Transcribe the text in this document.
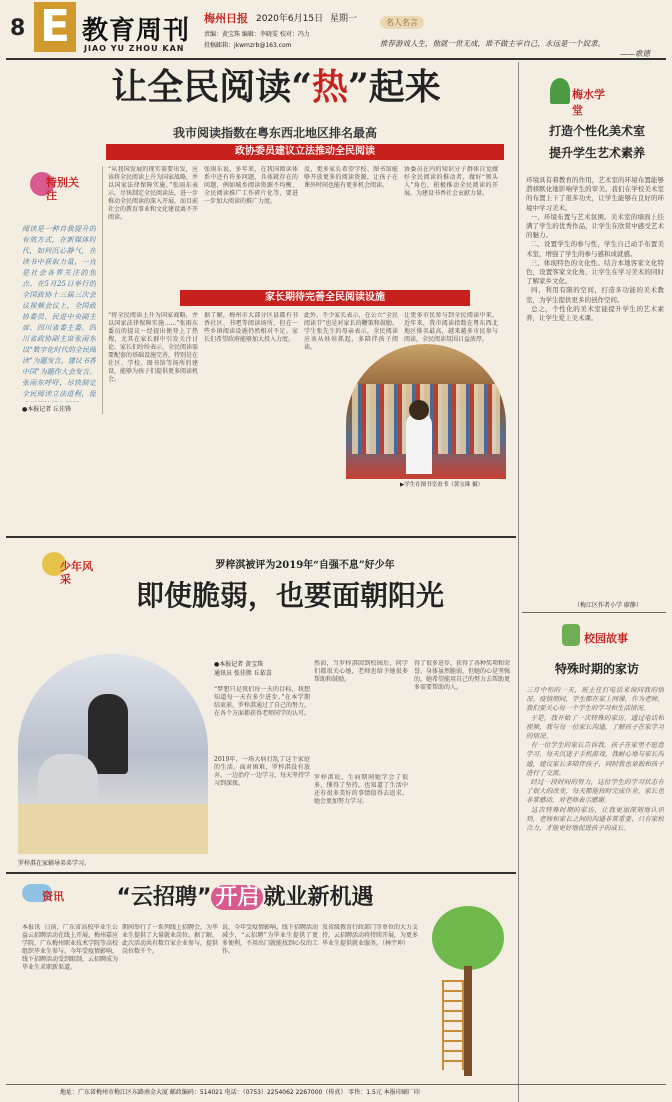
8 E 教育周刊
JIAO YU ZHOU KAN
梅州日报 2020年6月15日 星期一
责编：黄宝珠 编辑：李晓雯 校对：冯力
投稿邮箱：jkwmzrb@163.com
名人名言
推荐游戏人生，他就一世无成，谁不做主宰自己，永远是一个奴隶。
——歌德
让全民阅读“热”起来
我市阅读指数在粤东西北地区排名最高
政协委员建议立法推动全民阅读
特别关注
阅读是一种自我提升的有效方式，在新媒体时代，如何沉心静气，在读书中获取力量，一直是社会各界关注的焦点。在5月25日举行的全国政协十三届三次会议视频会议上，全国政协委员、民进中央副主席、四川省委主委、四川省政协副主席张雨东以“数字化时代的全民阅读”为题发言，建议书香中国”为题作大会发言。张雨东呼吁，尽快制定全民阅读立法进程，促
●本报记者 丘佳锋
“从我国发展的现实需要出发，应该将全民阅读上升为国家战略，并以国家法律保障实施。”张雨东表示，尽快制定全民阅读法，进一步推动全民阅读的深入开展，而目前社会的教育事业和文化建设离不开阅读。
张雨东说，多年来，在我国阅读体系中还有许多问题，具体就存在的问题，例如城乡阅读资源不均衡、全民阅读推广工作碎片化等，要进一步加大阅读的推广力度。
及，更多家长希望学校、图书馆能够开放更多的阅读资源，让孩子在课外时间也能有更多机会阅读。
协委员在内的知识分子群体自觉做好全民阅读的推动者，做好“领头人”角色，积极推动全民阅读的开展，为建设书香社会贡献力量。
家长期待完善全民阅读设施
“将全民阅读上升为国家战略，并以国家法律保障实施……”张雨东委员的提议一经提出便登上了热搜，尤其在家长群中引发关注讨论。家长们纷纷表示，全民阅读需要配套的基础设施完善，特别是在社区、学校、图书馆等场所的建设，能够为孩子们提供更多阅读机会。
据了解，梅州市大部分区县都有书香社区、书吧等阅读场所，但在一些乡镇阅读设施仍然相对不足。家长们希望政府能够加大投入力度。
此外，不少家长表示，在公立“全民阅读节”也是对家长的鞭策和鼓励。学生张先生的母亲表示，全民阅读应该从娃娃抓起，多陪伴孩子阅读。
让更多市民参与到全民阅读中来，近年来，我市阅读指数在粤东西北地区排名最高，越来越多市民参与阅读，全民阅读氛围日益浓厚。
▶学生在图书室看书（黄宝珠 摄）
梅水学堂
打造个性化美术室
提升学生艺术素养
环境具有着教育的作用，艺术室的环境布置能够潜移默化地影响学生的审美。我们在学校美术室的布置上下了很多功夫，让学生能够在良好的环境中学习美术。
一、环境布置与艺术氛围。美术室的墙面上挂满了学生的优秀作品，让学生在欣赏中感受艺术的魅力。
二、设置学生的参与性，学生自己动手布置美术室，增强了学生的参与感和成就感。
三、体现特色的文化性。结合本地客家文化特色，设置客家文化角，让学生在学习美术的同时了解家乡文化。
四、利用有限的空间，打造多功能的美术教室，为学生提供更多的创作空间。
总之，个性化的美术室能提升学生的艺术素养，让学生爱上美术课。
（梅江区作者小学 廖静）
校园故事
特殊时期的家访
三月中旬的一天，班主任打电话来询问我的情况。疫情期间，学生都在家上网课，作为老师，我们要关心每一个学生的学习和生活情况。
于是，我开始了一次特殊的家访。通过电话和视频，我与每一位家长沟通，了解孩子在家学习的情况。
有一位学生的家长告诉我，孩子在家里不愿意学习，每天沉迷于手机游戏。我耐心地与家长沟通，建议家长多陪伴孩子，同时我也单独和孩子进行了交流。
经过一段时间的努力，这位学生的学习状态有了很大的改变，每天都能按时完成作业。家长也非常感动，对老师表示感谢。
这次特殊时期的家访，让我更加深刻地认识到，老师和家长之间的沟通非常重要，只有家校合力，才能更好地促进孩子的成长。
少年风采
罗梓淇被评为2019年“自强不息”好少年
即使脆弱，也要面朝阳光
罗梓淇在家辅导弟弟学习。
●本报记者 黄宝珠
通讯员 张佳胜 丘依喜
“梦想只是我们每一天的目标，我想知道每一天有多少进步。”在本学期结束前，罗梓淇通过了自己的努力，在各个方面都获得老师同学的认可。
2019年，一场大病打乱了这个家庭的生活。面对困难，罗梓淇没有放弃，一边治疗一边学习，每天坚持学习到深夜。
然而，当罗梓淇回到校园后，同学们都很关心她，老师也给予她很多帮助和鼓励。
罗梓淇说，生病期间她学会了很多，懂得了坚持，也知道了生活中还有很多美好的事情值得去追求，她会更加努力学习。
得了很多进步，获得了各种奖项和荣誉。身体虽然脆弱，但她的心是坚强的，她希望能用自己的努力去帮助更多需要帮助的人。
资讯	“云招聘” 开启 就业新机遇
本报讯  日前，广东省高校毕业生公益云招聘活动在线上开展，梅州嘉应学院、广东梅州职业技术学院等高校组织毕业生参与。今年受疫情影响，线下招聘活动受到限制，云招聘成为毕业生求职新渠道。
期间举行了一系列线上招聘会，为毕业生提供了大量就业岗位。据了解，此次活动共有数百家企业参与，提供岗位数千个。
说，今年受疫情影响，线下招聘活动减少，“云招聘”为毕业生提供了更多便利，不用出门就能找到心仪的工作。
及省级教育行政部门等单位的大力支持，云招聘活动将持续开展，为更多毕业生提供就业服务。（林宇坤）
地址：广东省梅州市梅江区东路南金大厦 邮政编码：514021 电话：（0753）2254062 2267000（传真） 零售：1.5元 本报印刷厂印
